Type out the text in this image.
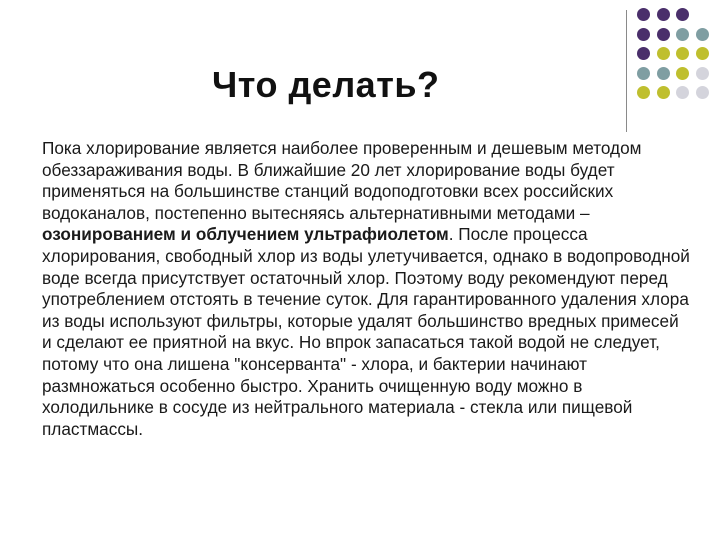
Что делать?

Пока хлорирование является наиболее проверенным и дешевым методом обеззараживания воды. В ближайшие 20 лет хлорирование воды будет применяться на большинстве станций водоподготовки всех российских водоканалов, постепенно вытесняясь альтернативными методами – озонированием и облучением ультрафиолетом. После процесса хлорирования, свободный хлор из воды улетучивается, однако в водопроводной воде всегда присутствует остаточный хлор. Поэтому воду рекомендуют перед употреблением отстоять в течение суток. Для гарантированного удаления хлора из воды используют фильтры, которые удалят большинство вредных примесей и сделают ее приятной на вкус. Но впрок запасаться такой водой не следует, потому что она лишена "консерванта" - хлора, и бактерии начинают размножаться особенно быстро. Хранить очищенную воду можно в холодильнике в сосуде из нейтрального материала - стекла или пищевой пластмассы.
